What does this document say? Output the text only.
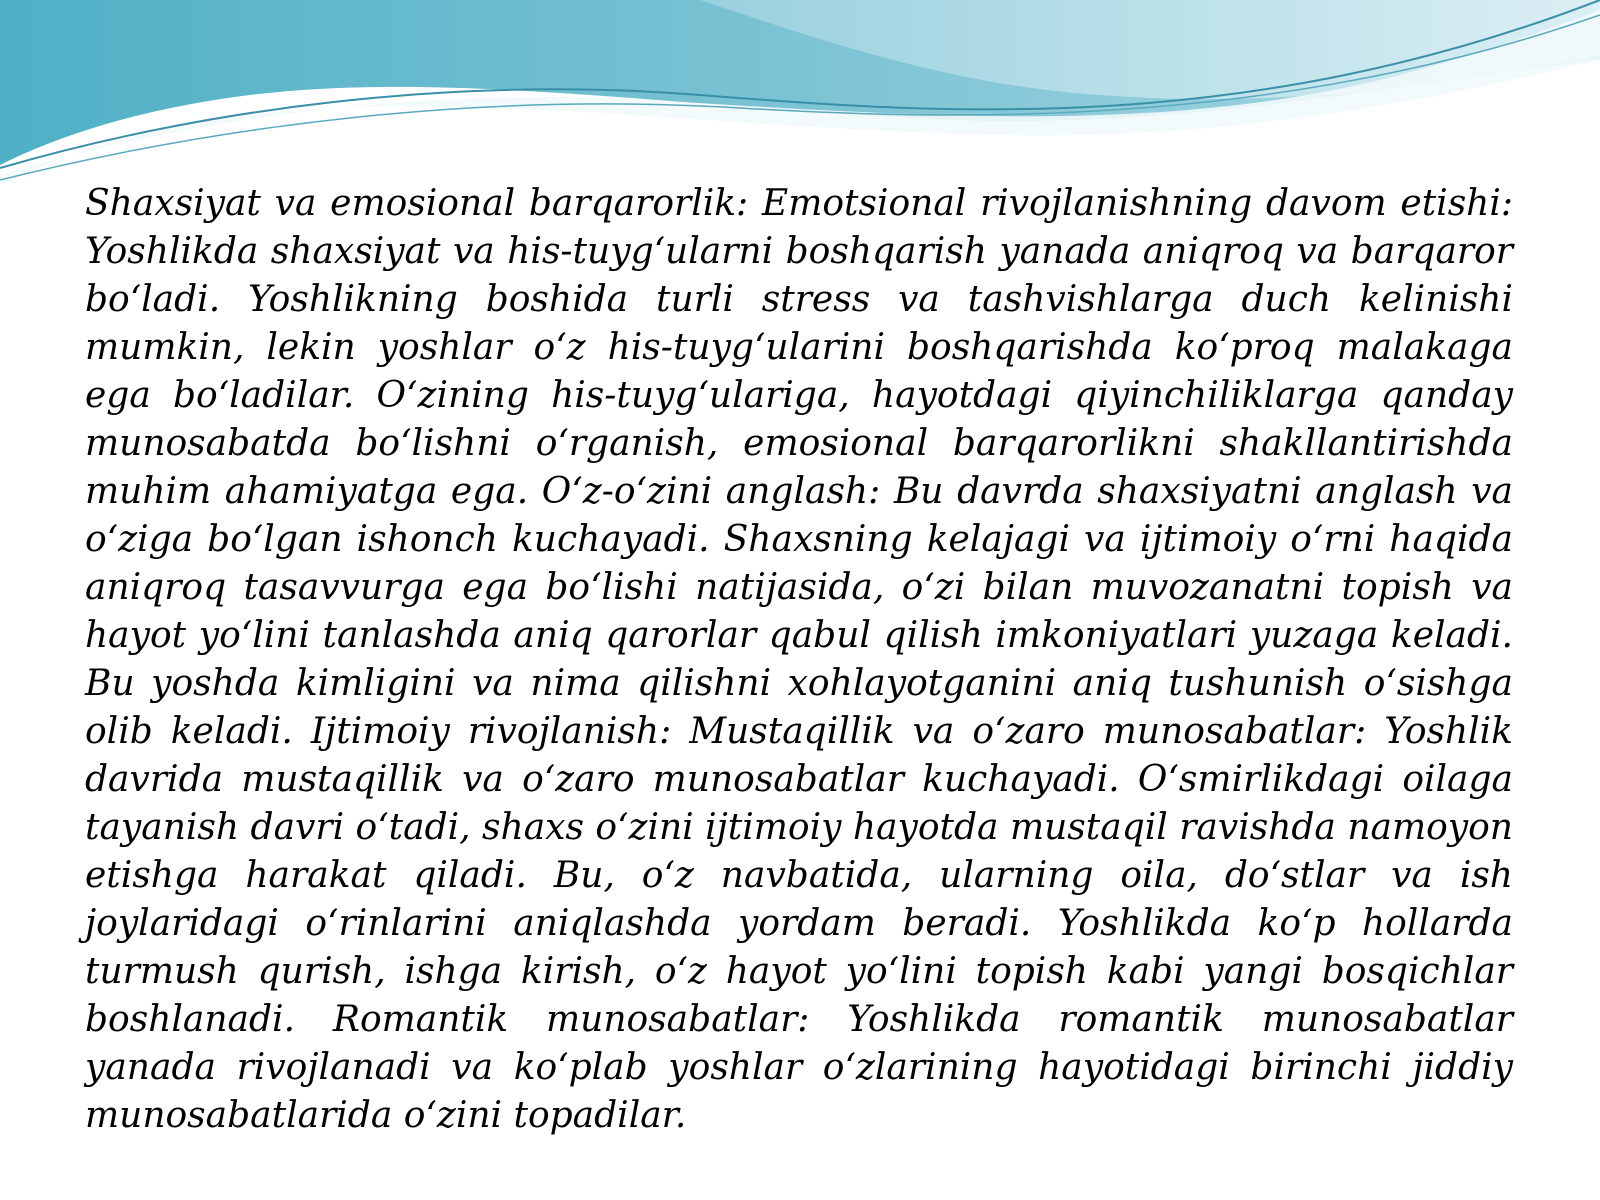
Shaxsiyat va emosional barqarorlik: Emotsional rivojlanishning davom etishi: Yoshlikda shaxsiyat va his-tuyg‘ularni boshqarish yanada aniqroq va barqaror bo‘ladi. Yoshlikning boshida turli stress va tashvishlarga duch kelinishi mumkin, lekin yoshlar o‘z his-tuyg‘ularini boshqarishda ko‘proq malakaga ega bo‘ladilar. O‘zining his-tuyg‘ulariga, hayotdagi qiyinchiliklarga qanday munosabatda bo‘lishni o‘rganish, emosional barqarorlikni shakllantirishda muhim ahamiyatga ega. O‘z-o‘zini anglash: Bu davrda shaxsiyatni anglash va o‘ziga bo‘lgan ishonch kuchayadi. Shaxsning kelajagi va ijtimoiy o‘rni haqida aniqroq tasavvurga ega bo‘lishi natijasida, o‘zi bilan muvozanatni topish va hayot yo‘lini tanlashda aniq qarorlar qabul qilish imkoniyatlari yuzaga keladi. Bu yoshda kimligini va nima qilishni xohlayotganini aniq tushunish o‘sishga olib keladi. Ijtimoiy rivojlanish: Mustaqillik va o‘zaro munosabatlar: Yoshlik davrida mustaqillik va o‘zaro munosabatlar kuchayadi. O‘smirlikdagi oilaga tayanish davri o‘tadi, shaxs o‘zini ijtimoiy hayotda mustaqil ravishda namoyon etishga harakat qiladi. Bu, o‘z navbatida, ularning oila, do‘stlar va ish joylaridagi o‘rinlarini aniqlashda yordam beradi. Yoshlikda ko‘p hollarda turmush qurish, ishga kirish, o‘z hayot yo‘lini topish kabi yangi bosqichlar boshlanadi. Romantik munosabatlar: Yoshlikda romantik munosabatlar yanada rivojlanadi va ko‘plab yoshlar o‘zlarining hayotidagi birinchi jiddiy munosabatlarida o‘zini topadilar.
